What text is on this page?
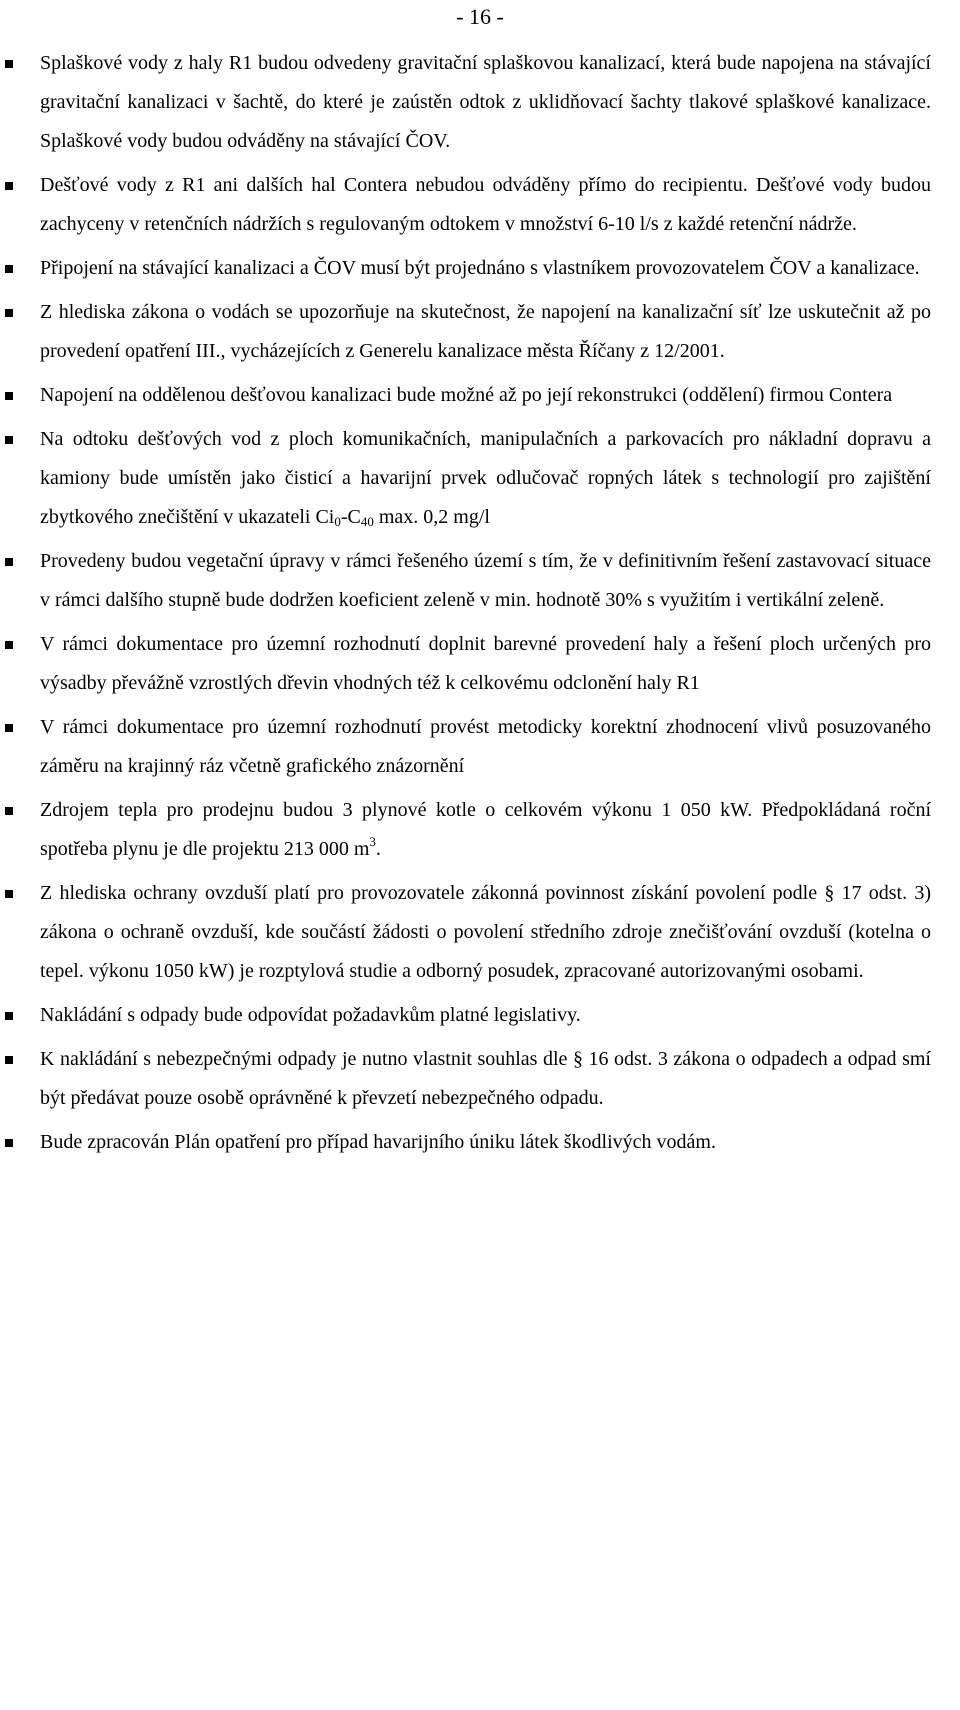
- 16 -
Splaškové vody z haly R1 budou odvedeny gravitační splaškovou kanalizací, která bude napojena na stávající gravitační kanalizaci v šachtě, do které je zaústěn odtok z uklidňovací šachty tlakové splaškové kanalizace. Splaškové vody budou odváděny na stávající ČOV.
Dešťové vody z R1 ani dalších hal Contera nebudou odváděny přímo do recipientu. Dešťové vody budou zachyceny v retenčních nádržích s regulovaným odtokem v množství 6-10 l/s z každé retenční nádrže.
Připojení na stávající kanalizaci a ČOV musí být projednáno s vlastníkem provozovatelem ČOV a kanalizace.
Z hlediska zákona o vodách se upozorňuje na skutečnost, že napojení na kanalizační síť lze uskutečnit až po provedení opatření III., vycházejících z Generelu kanalizace města Říčany z 12/2001.
Napojení na oddělenou dešťovou kanalizaci bude možné až po její rekonstrukci (oddělení) firmou Contera
Na odtoku dešťových vod z ploch komunikačních, manipulačních a parkovacích pro nákladní dopravu a kamiony bude umístěn jako čisticí a havarijní prvek odlučovač ropných látek s technologií pro zajištění zbytkového znečištění v ukazateli $Ci_0-C_{40}$ max. 0,2 mg/l
Provedeny budou vegetační úpravy v rámci řešeného území s tím, že v definitivním řešení zastavovací situace v rámci dalšího stupně bude dodržen koeficient zeleně v min. hodnotě 30% s využitím i vertikální zeleně.
V rámci dokumentace pro územní rozhodnutí doplnit barevné provedení haly a řešení ploch určených pro výsadby převážně vzrostlých dřevin vhodných též k celkovému odclonění haly R1
V rámci dokumentace pro územní rozhodnutí provést metodicky korektní zhodnocení vlivů posuzovaného záměru na krajinný ráz včetně grafického znázornění
Zdrojem tepla pro prodejnu budou 3 plynové kotle o celkovém výkonu 1 050 kW. Předpokládaná roční spotřeba plynu je dle projektu 213 000 $m^3$.
Z hlediska ochrany ovzduší platí pro provozovatele zákonná povinnost získání povolení podle § 17 odst. 3) zákona o ochraně ovzduší, kde součástí žádosti o povolení středního zdroje znečišťování ovzduší (kotelna o tepel. výkonu 1050 kW) je rozptylová studie a odborný posudek, zpracované autorizovanými osobami.
Nakládání s odpady bude odpovídat požadavkům platné legislativy.
K nakládání s nebezpečnými odpady je nutno vlastnit souhlas dle § 16 odst. 3 zákona o odpadech a odpad smí být předávat pouze osobě oprávněné k převzetí nebezpečného odpadu.
Bude zpracován Plán opatření pro případ havarijního úniku látek škodlivých vodám.
